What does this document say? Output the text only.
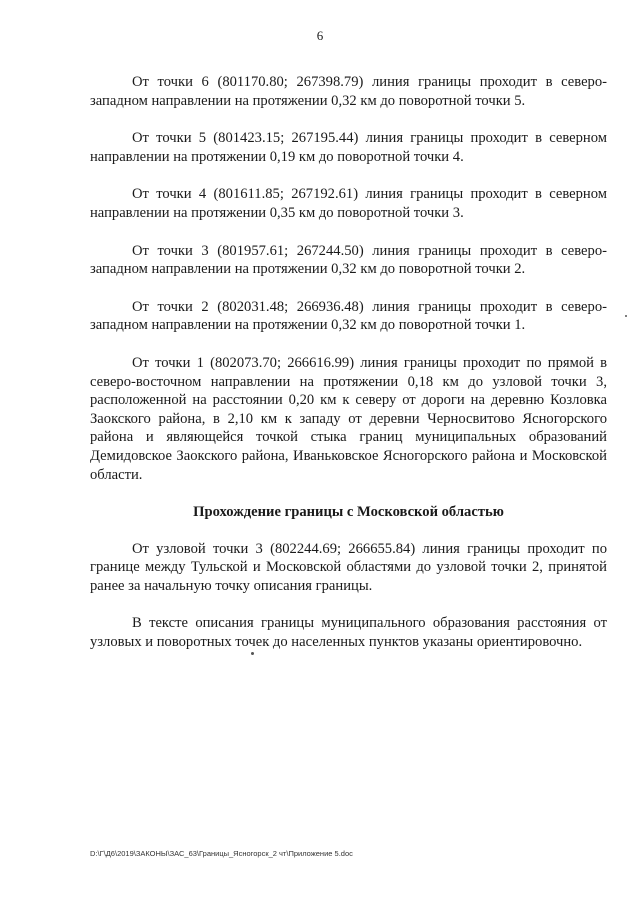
6

От точки 6 (801170.80; 267398.79) линия границы проходит в северо-западном направлении на протяжении 0,32 км до поворотной точки 5.

От точки 5 (801423.15; 267195.44) линия границы проходит в северном направлении на протяжении 0,19 км до поворотной точки 4.

От точки 4 (801611.85; 267192.61) линия границы проходит в северном направлении на протяжении 0,35 км до поворотной точки 3.

От точки 3 (801957.61; 267244.50) линия границы проходит в северо-западном направлении на протяжении 0,32 км до поворотной точки 2.

От точки 2 (802031.48; 266936.48) линия границы проходит в северо-западном направлении на протяжении 0,32 км до поворотной точки 1.

От точки 1 (802073.70; 266616.99) линия границы проходит по прямой в северо-восточном направлении на протяжении 0,18 км до узловой точки 3, расположенной на расстоянии 0,20 км к северу от дороги на деревню Козловка Заокского района, в 2,10 км к западу от деревни Черносвитово Ясногорского района и являющейся точкой стыка границ муниципальных образований Демидовское Заокского района, Иваньковское Ясногорского района и Московской области.

Прохождение границы с Московской областью

От узловой точки 3 (802244.69; 266655.84) линия границы проходит по границе между Тульской и Московской областями до узловой точки 2, принятой ранее за начальную точку описания границы.

В тексте описания границы муниципального образования расстояния от узловых и поворотных точек до населенных пунктов указаны ориентировочно.

D:\Г\Д6\2019\ЗАКОНЫ\ЗАС_63\Границы_Ясногорск_2 чт\Приложение 5.doc
